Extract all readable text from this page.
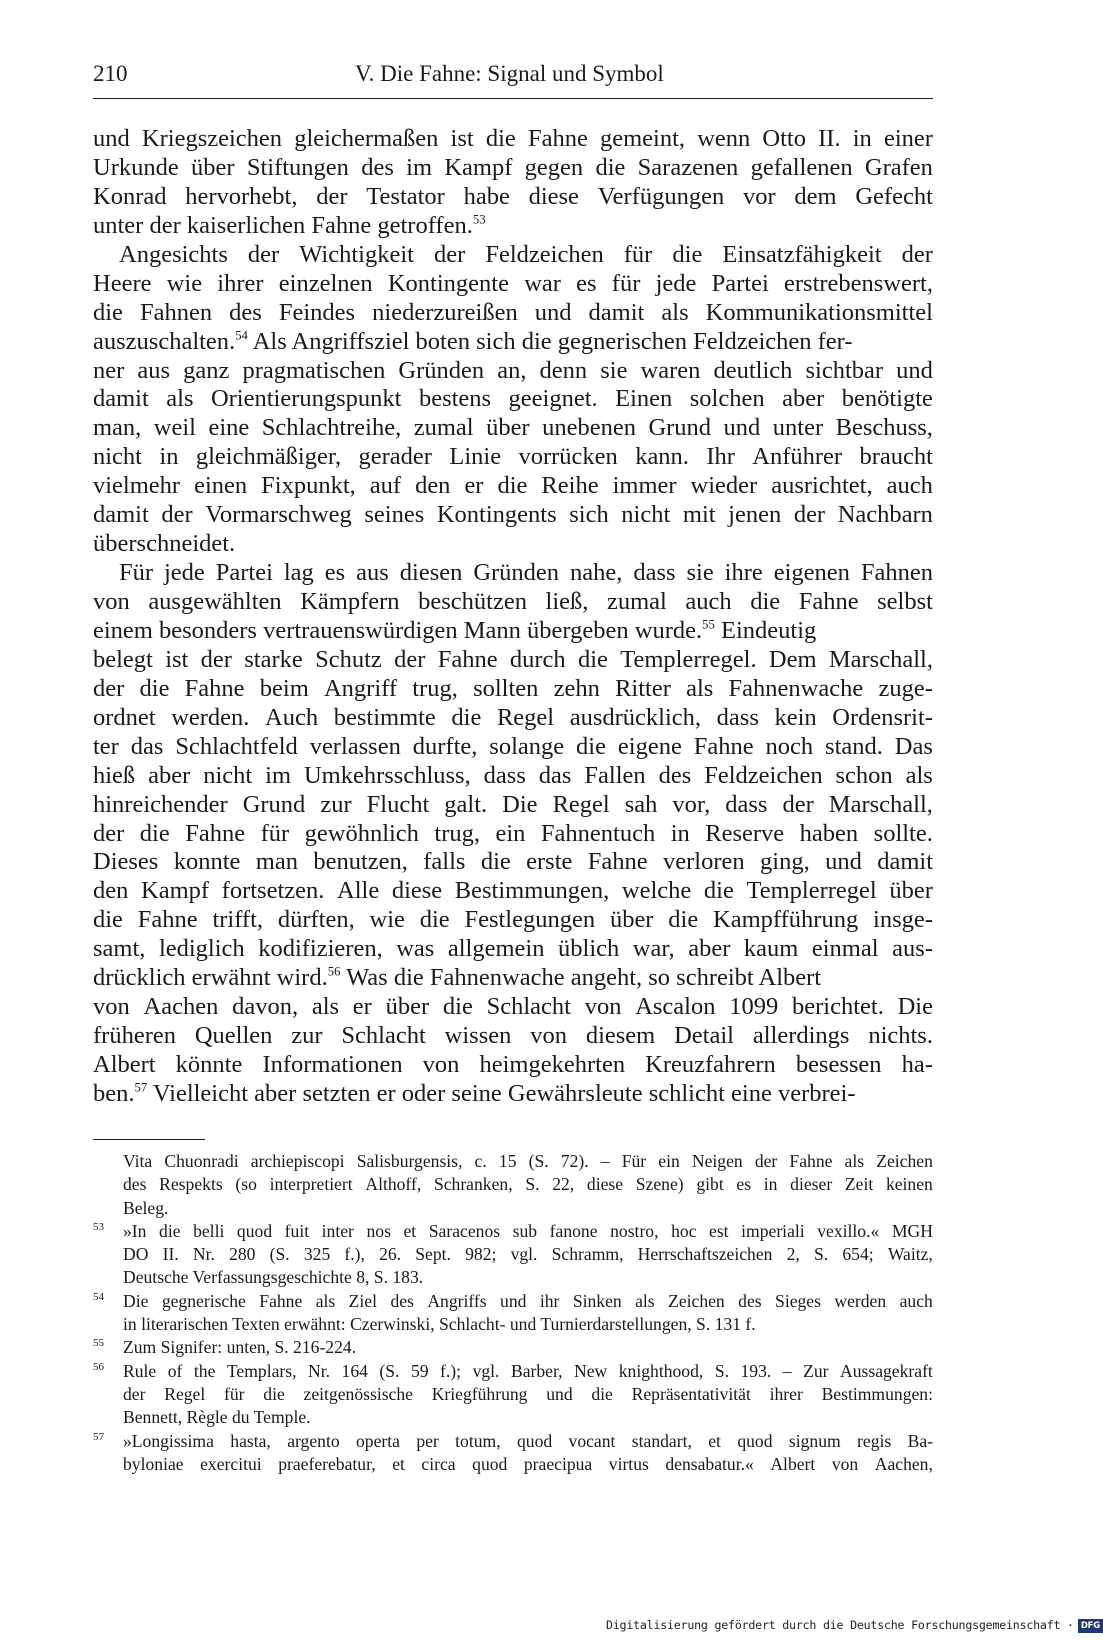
210	V. Die Fahne: Signal und Symbol
und Kriegszeichen gleichermaßen ist die Fahne gemeint, wenn Otto II. in einer
Urkunde über Stiftungen des im Kampf gegen die Sarazenen gefallenen Grafen
Konrad hervorhebt, der Testator habe diese Verfügungen vor dem Gefecht
unter der kaiserlichen Fahne getroffen.$^{53}$
Angesichts der Wichtigkeit der Feldzeichen für die Einsatzfähigkeit der
Heere wie ihrer einzelnen Kontingente war es für jede Partei erstrebenswert,
die Fahnen des Feindes niederzureißen und damit als Kommunikationsmittel
auszuschalten.$^{54}$ Als Angriffsziel boten sich die gegnerischen Feldzeichen fer-
ner aus ganz pragmatischen Gründen an, denn sie waren deutlich sichtbar und
damit als Orientierungspunkt bestens geeignet. Einen solchen aber benötigte
man, weil eine Schlachtreihe, zumal über unebenen Grund und unter Beschuss,
nicht in gleichmäßiger, gerader Linie vorrücken kann. Ihr Anführer braucht
vielmehr einen Fixpunkt, auf den er die Reihe immer wieder ausrichtet, auch
damit der Vormarschweg seines Kontingents sich nicht mit jenen der Nachbarn
überschneidet.
Für jede Partei lag es aus diesen Gründen nahe, dass sie ihre eigenen Fahnen
von ausgewählten Kämpfern beschützen ließ, zumal auch die Fahne selbst
einem besonders vertrauenswürdigen Mann übergeben wurde.$^{55}$ Eindeutig
belegt ist der starke Schutz der Fahne durch die Templerregel. Dem Marschall,
der die Fahne beim Angriff trug, sollten zehn Ritter als Fahnenwache zuge-
ordnet werden. Auch bestimmte die Regel ausdrücklich, dass kein Ordensrit-
ter das Schlachtfeld verlassen durfte, solange die eigene Fahne noch stand. Das
hieß aber nicht im Umkehrsschluss, dass das Fallen des Feldzeichen schon als
hinreichender Grund zur Flucht galt. Die Regel sah vor, dass der Marschall,
der die Fahne für gewöhnlich trug, ein Fahnentuch in Reserve haben sollte.
Dieses konnte man benutzen, falls die erste Fahne verloren ging, und damit
den Kampf fortsetzen. Alle diese Bestimmungen, welche die Templerregel über
die Fahne trifft, dürften, wie die Festlegungen über die Kampfführung insge-
samt, lediglich kodifizieren, was allgemein üblich war, aber kaum einmal aus-
drücklich erwähnt wird.$^{56}$ Was die Fahnenwache angeht, so schreibt Albert
von Aachen davon, als er über die Schlacht von Ascalon 1099 berichtet. Die
früheren Quellen zur Schlacht wissen von diesem Detail allerdings nichts.
Albert könnte Informationen von heimgekehrten Kreuzfahrern besessen ha-
ben.$^{57}$ Vielleicht aber setzten er oder seine Gewährsleute schlicht eine verbrei-
Vita Chuonradi archiepiscopi Salisburgensis, c. 15 (S. 72). – Für ein Neigen der Fahne als Zeichen
des Respekts (so interpretiert Althoff, Schranken, S. 22, diese Szene) gibt es in dieser Zeit keinen
Beleg.
53 »In die belli quod fuit inter nos et Saracenos sub fanone nostro, hoc est imperiali vexillo.« MGH
DO II. Nr. 280 (S. 325 f.), 26. Sept. 982; vgl. Schramm, Herrschaftszeichen 2, S. 654; Waitz,
Deutsche Verfassungsgeschichte 8, S. 183.
54 Die gegnerische Fahne als Ziel des Angriffs und ihr Sinken als Zeichen des Sieges werden auch
in literarischen Texten erwähnt: Czerwinski, Schlacht- und Turnierdarstellungen, S. 131 f.
55 Zum Signifer: unten, S. 216-224.
56 Rule of the Templars, Nr. 164 (S. 59 f.); vgl. Barber, New knighthood, S. 193. – Zur Aussagekraft
der Regel für die zeitgenössische Kriegführung und die Repräsentativität ihrer Bestimmungen:
Bennett, Règle du Temple.
57 »Longissima hasta, argento operta per totum, quod vocant standart, et quod signum regis Ba-
byloniae exercitui praeferebatur, et circa quod praecipua virtus densabatur.« Albert von Aachen,
Digitalisierung gefördert durch die Deutsche Forschungsgemeinschaft · DFG
